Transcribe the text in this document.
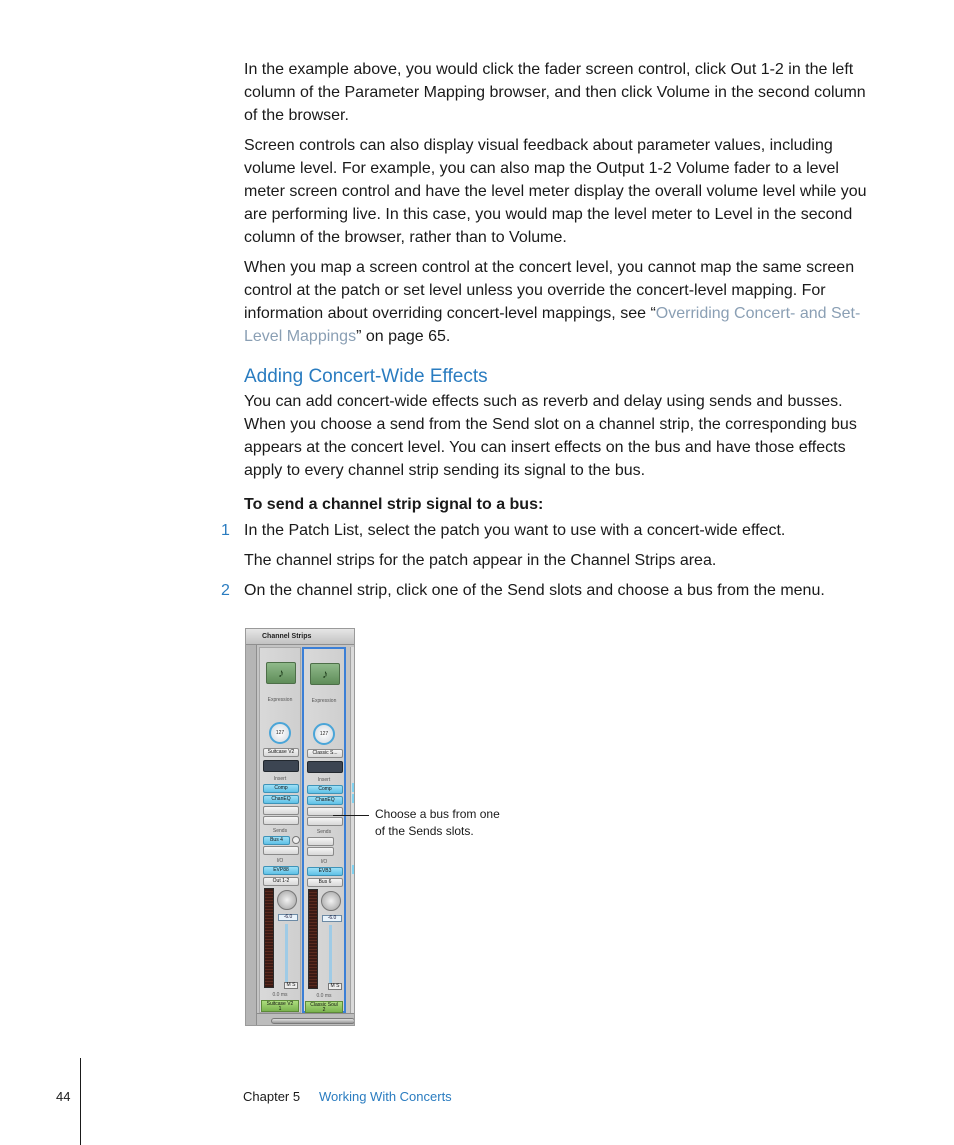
In the example above, you would click the fader screen control, click Out 1-2 in the left column of the Parameter Mapping browser, and then click Volume in the second column of the browser.

Screen controls can also display visual feedback about parameter values, including volume level. For example, you can also map the Output 1-2 Volume fader to a level meter screen control and have the level meter display the overall volume level while you are performing live. In this case, you would map the level meter to Level in the second column of the browser, rather than to Volume.

When you map a screen control at the concert level, you cannot map the same screen control at the patch or set level unless you override the concert-level mapping. For information about overriding concert-level mappings, see “Overriding Concert- and Set-Level Mappings” on page 65.

Adding Concert-Wide Effects

You can add concert-wide effects such as reverb and delay using sends and busses. When you choose a send from the Send slot on a channel strip, the corresponding bus appears at the concert level. You can insert effects on the bus and have those effects apply to every channel strip sending its signal to the bus.

To send a channel strip signal to a bus:
1 In the Patch List, select the patch you want to use with a concert-wide effect.

The channel strips for the patch appear in the Channel Strips area.

2 On the channel strip, click one of the Send slots and choose a bus from the menu.

Channel Strips
♪
Expression
127
Suitcase V2
Insert
Comp
ChanEQ
Sends
Bus 4
I/O
EVP88
Out 1-2
-6.0
M S
0.0 ms
Suitcase V2
1
♪
Expression
127
Classic S...
Insert
Comp
ChanEQ
Sends
I/O
EVB3
Bus 6
-6.0
M S
0.0 ms
Classic Soul
2
Choose a bus from one of the Sends slots.
44	Chapter 5 Working With Concerts
